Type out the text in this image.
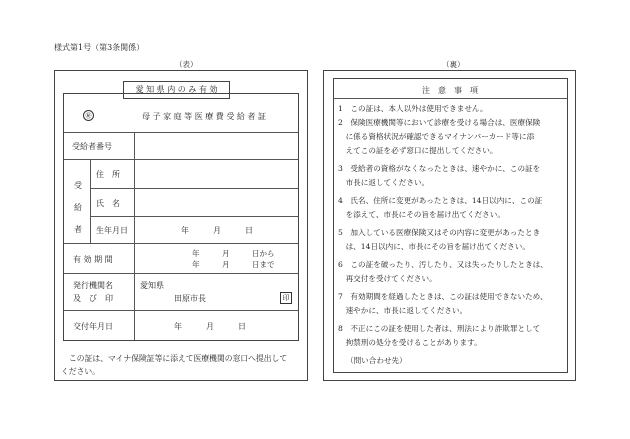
様式第1号（第3条関係）
（表）
愛 知 県 内 の み 有 効
㊙	母 子 家 庭 等 医 療 費 受 給 者 証
受給者番号
受
給
者
住　所
氏　名
生年月日	年　　　月　　　日
有 効 期 間
年　　　月　　　日から
年　　　月　　　日まで
発行機関名
及　び　印
愛知県
田原市長	印
交付年月日	年　　　月　　　日
この証は、マイナ保険証等に添えて医療機関の窓口へ提出して
ください。
（裏）
注　意　事　項
1　この証は、本人以外は使用できません。
2　保険医療機関等において診療を受ける場合は、医療保険
　に係る資格状況が確認できるマイナンバーカード等に添
　えてこの証を必ず窓口に提出してください。
3　受給者の資格がなくなったときは、速やかに、この証を
　市長に返してください。
4　氏名、住所に変更があったときは、14日以内に、この証
　を添えて、市長にその旨を届け出てください。
5　加入している医療保険又はその内容に変更があったとき
　は、14日以内に、市長にその旨を届け出てください。
6　この証を破ったり、汚したり、又は失ったりしたときは、
　再交付を受けてください。
7　有効期間を経過したときは、この証は使用できないため、
　速やかに、市長に返してください。
8　不正にこの証を使用した者は、刑法により詐欺罪として
　拘禁刑の処分を受けることがあります。
（問い合わせ先）
